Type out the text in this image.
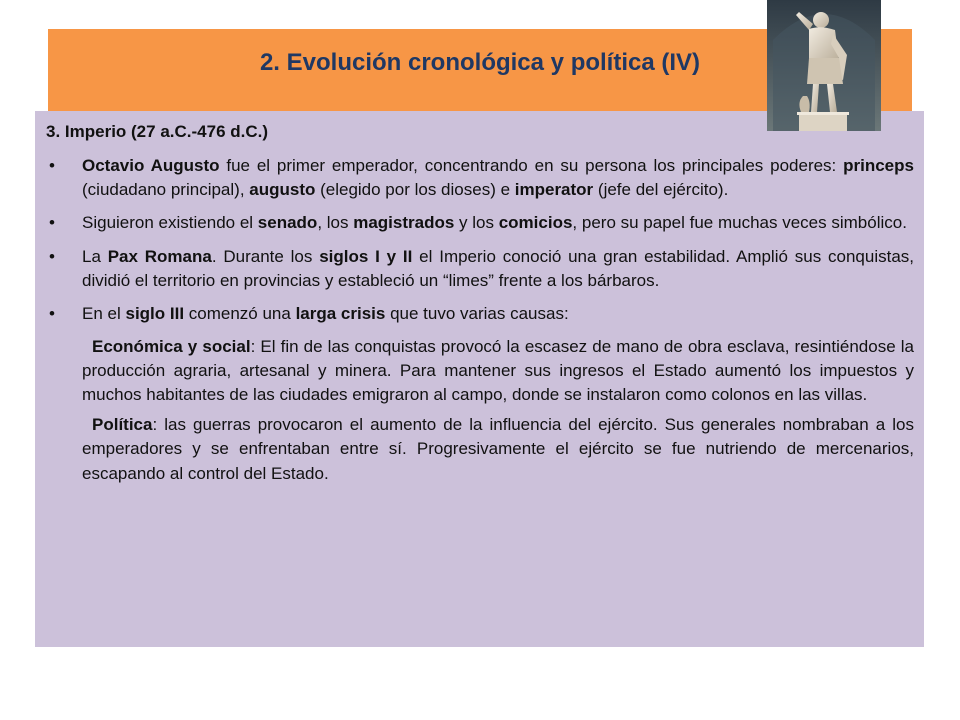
2. Evolución cronológica y política (IV)

3. Imperio (27 a.C.-476 d.C.)

•	Octavio Augusto fue el primer emperador, concentrando en su persona los principales poderes: princeps (ciudadano principal), augusto (elegido por los dioses) e imperator (jefe del ejército).
•	Siguieron existiendo el senado, los magistrados y los comicios, pero su papel fue muchas veces simbólico.
•	La Pax Romana. Durante los siglos I y II el Imperio conoció una gran estabilidad. Amplió sus conquistas, dividió el territorio en provincias y estableció un “limes” frente a los bárbaros.
•	En el siglo III comenzó una larga crisis que tuvo varias causas:
Económica y social: El fin de las conquistas provocó la escasez de mano de obra esclava, resintiéndose la producción agraria, artesanal y minera. Para mantener sus ingresos el Estado aumentó los impuestos y muchos habitantes de las ciudades emigraron al campo, donde se instalaron como colonos en las villas.
Política: las guerras provocaron el aumento de la influencia del ejército. Sus generales nombraban a los emperadores y se enfrentaban entre sí. Progresivamente el ejército se fue nutriendo de mercenarios, escapando al control del Estado.
